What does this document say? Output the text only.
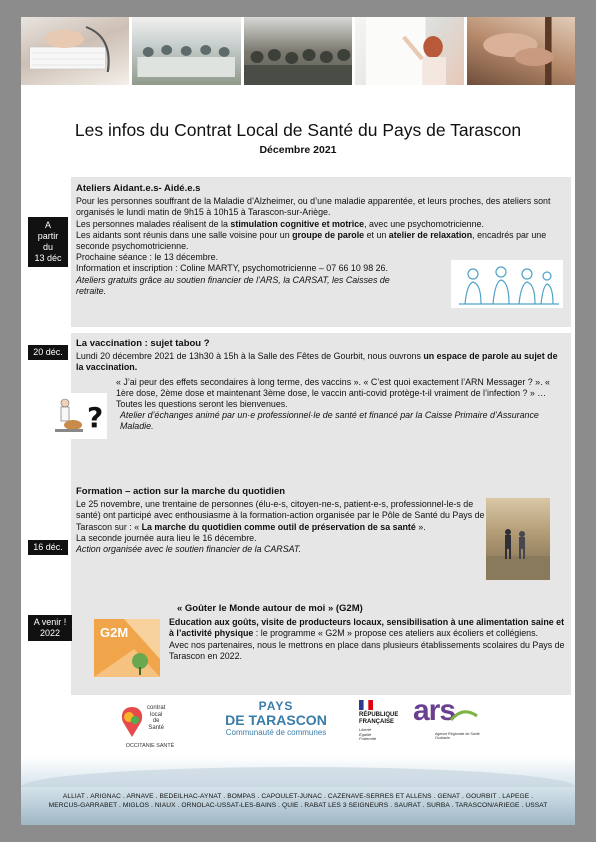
Les infos du Contrat Local de Santé du Pays de Tarascon
Décembre 2021
A
partir
du
13 déc

Ateliers Aidant.e.s- Aidé.e.s

Pour les personnes souffrant de la Maladie d’Alzheimer, ou d’une maladie apparentée, et leurs proches, des ateliers sont organisés le lundi matin de 9h15 à 10h15 à Tarascon-sur-Ariège.

Les personnes malades réalisent de la stimulation cognitive et motrice, avec une psychomotricienne.

Les aidants sont réunis dans une salle voisine pour un groupe de parole et un atelier de relaxation, encadrés par une seconde psychomotricienne.

Prochaine séance : le 13 décembre.

Information et inscription : Coline MARTY, psychomotricienne – 07 66 10 98 26.

Ateliers gratuits grâce au soutien financier de l’ARS, la CARSAT, les Caisses de retraite.

20 déc.

La vaccination : sujet tabou ?

Lundi 20 décembre 2021 de 13h30 à 15h à la Salle des Fêtes de Gourbit, nous ouvrons un espace de parole au sujet de la vaccination.

« J’ai peur des effets secondaires à long terme, des vaccins ». « C’est quoi exactement l’ARN Messager ? ». « 1ère dose, 2ème dose et maintenant 3ème dose, le vaccin anti-covid protège-t-il vraiment de l’infection ? » …

Toutes les questions seront les bienvenues.

Atelier d’échanges animé par un·e professionnel·le de santé et financé par la Caisse Primaire d’Assurance Maladie.

?
16 déc.

Formation – action sur la marche du quotidien

Le 25 novembre, une trentaine de personnes (élu-e-s, citoyen-ne-s, patient-e-s, professionnel-le-s de santé) ont participé avec enthousiasme à la formation-action organisée par le Pôle de Santé du Pays de Tarascon sur : « La marche du quotidien comme outil de préservation de sa santé ».

La seconde journée aura lieu le 16 décembre.

Action organisée avec le soutien financier de la CARSAT.

A venir !
2022	G2M

« Goûter le Monde autour de moi » (G2M)

Education aux goûts, visite de producteurs locaux, sensibilisation à une alimentation saine et à l’activité physique : le programme « G2M » propose ces ateliers aux écoliers et collégiens.

Avec nos partenaires, nous le mettrons en place dans plusieurs établissements scolaires du Pays de Tarascon en 2022.

contrat
local
de
Santé
OCCITANIE SANTÉ
PAYS
DE TARASCON
Communauté de communes
RÉPUBLIQUE
FRANÇAISE
Liberté
Égalité
Fraternité
ars
Agence Régionale de Santé Occitanie
ALLIAT . ARIGNAC . ARNAVE . BEDEILHAC-AYNAT . BOMPAS . CAPOULET-JUNAC . CAZENAVE-SERRES ET ALLENS . GENAT . GOURBIT . LAPEGE .
MERCUS-GARRABET . MIGLOS . NIAUX . ORNOLAC-USSAT-LES-BAINS . QUIE . RABAT LES 3 SEIGNEURS . SAURAT . SURBA . TARASCON/ARIEGE . USSAT
